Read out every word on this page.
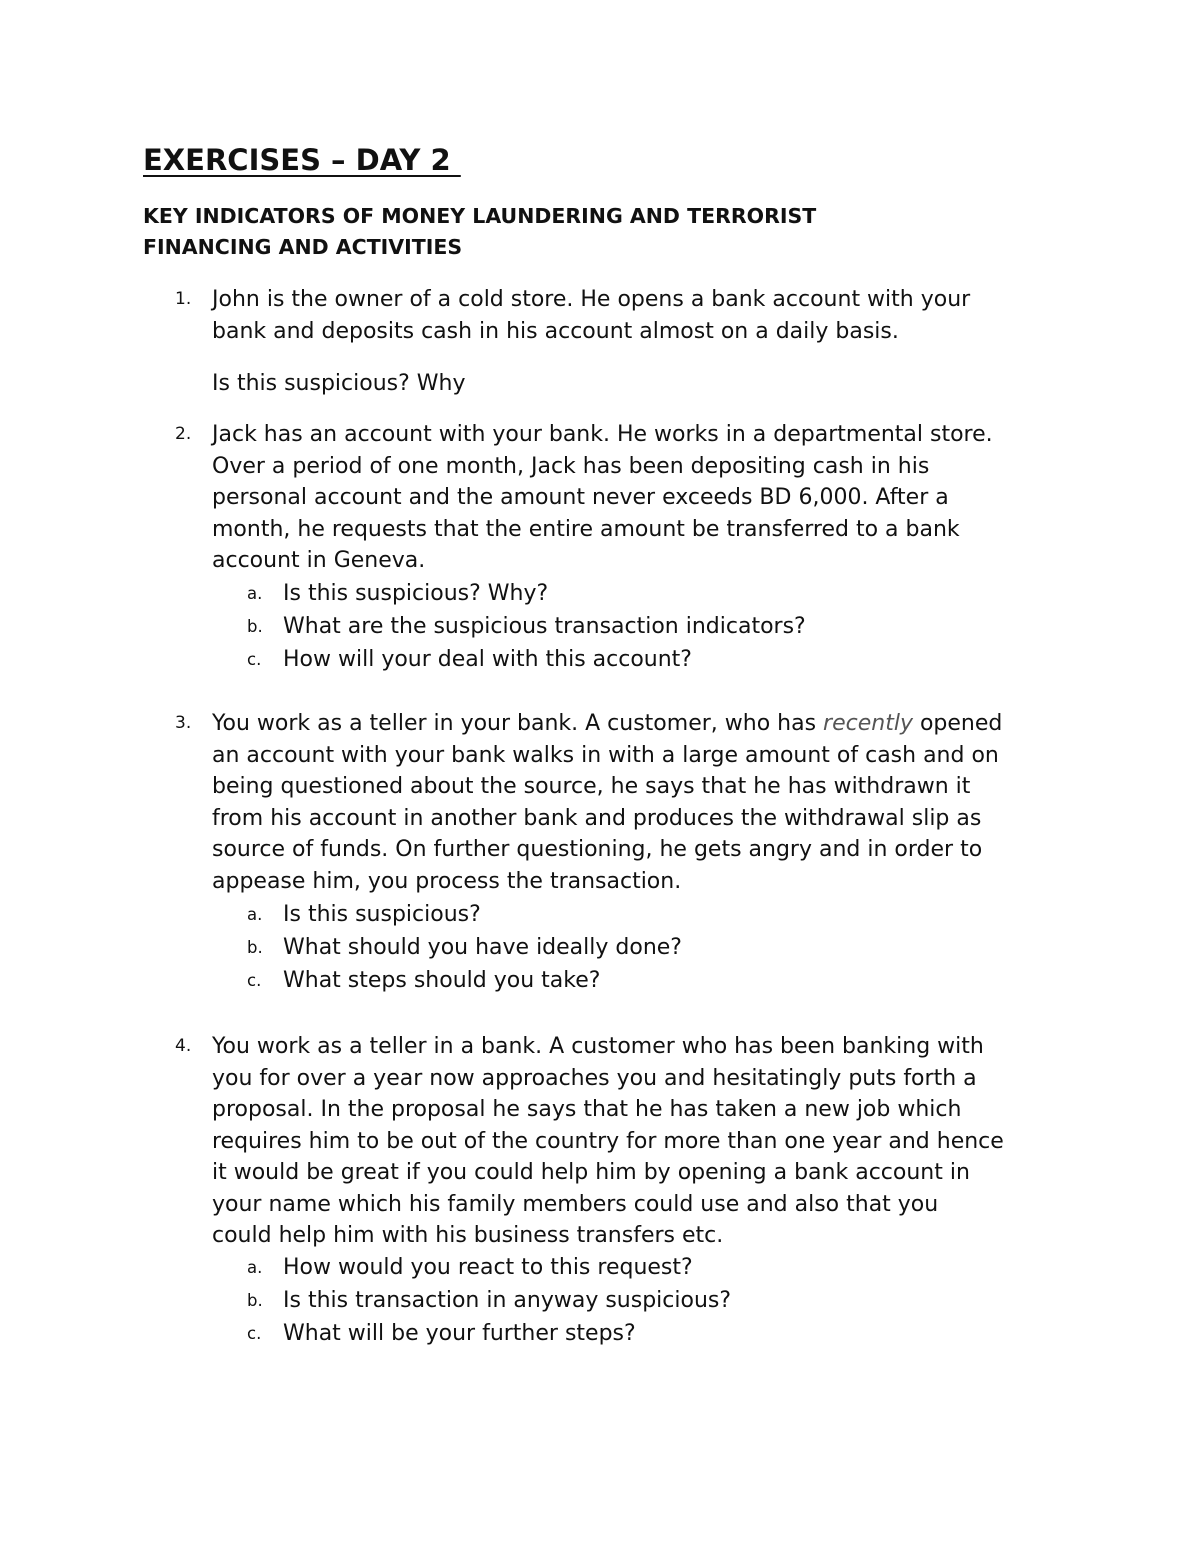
EXERCISES – DAY 2
KEY INDICATORS OF MONEY LAUNDERING AND TERRORIST
FINANCING AND ACTIVITIES
1. John is the owner of a cold store. He opens a bank account with your
bank and deposits cash in his account almost on a daily basis.
Is this suspicious? Why
2. Jack has an account with your bank. He works in a departmental store.
Over a period of one month, Jack has been depositing cash in his
personal account and the amount never exceeds BD 6,000. After a
month, he requests that the entire amount be transferred to a bank
account in Geneva.
a. Is this suspicious? Why?
b. What are the suspicious transaction indicators?
c. How will your deal with this account?
3. You work as a teller in your bank. A customer, who has recently opened
an account with your bank walks in with a large amount of cash and on
being questioned about the source, he says that he has withdrawn it
from his account in another bank and produces the withdrawal slip as
source of funds. On further questioning, he gets angry and in order to
appease him, you process the transaction.
a. Is this suspicious?
b. What should you have ideally done?
c. What steps should you take?
4. You work as a teller in a bank. A customer who has been banking with
you for over a year now approaches you and hesitatingly puts forth a
proposal. In the proposal he says that he has taken a new job which
requires him to be out of the country for more than one year and hence
it would be great if you could help him by opening a bank account in
your name which his family members could use and also that you
could help him with his business transfers etc.
a. How would you react to this request?
b. Is this transaction in anyway suspicious?
c. What will be your further steps?
